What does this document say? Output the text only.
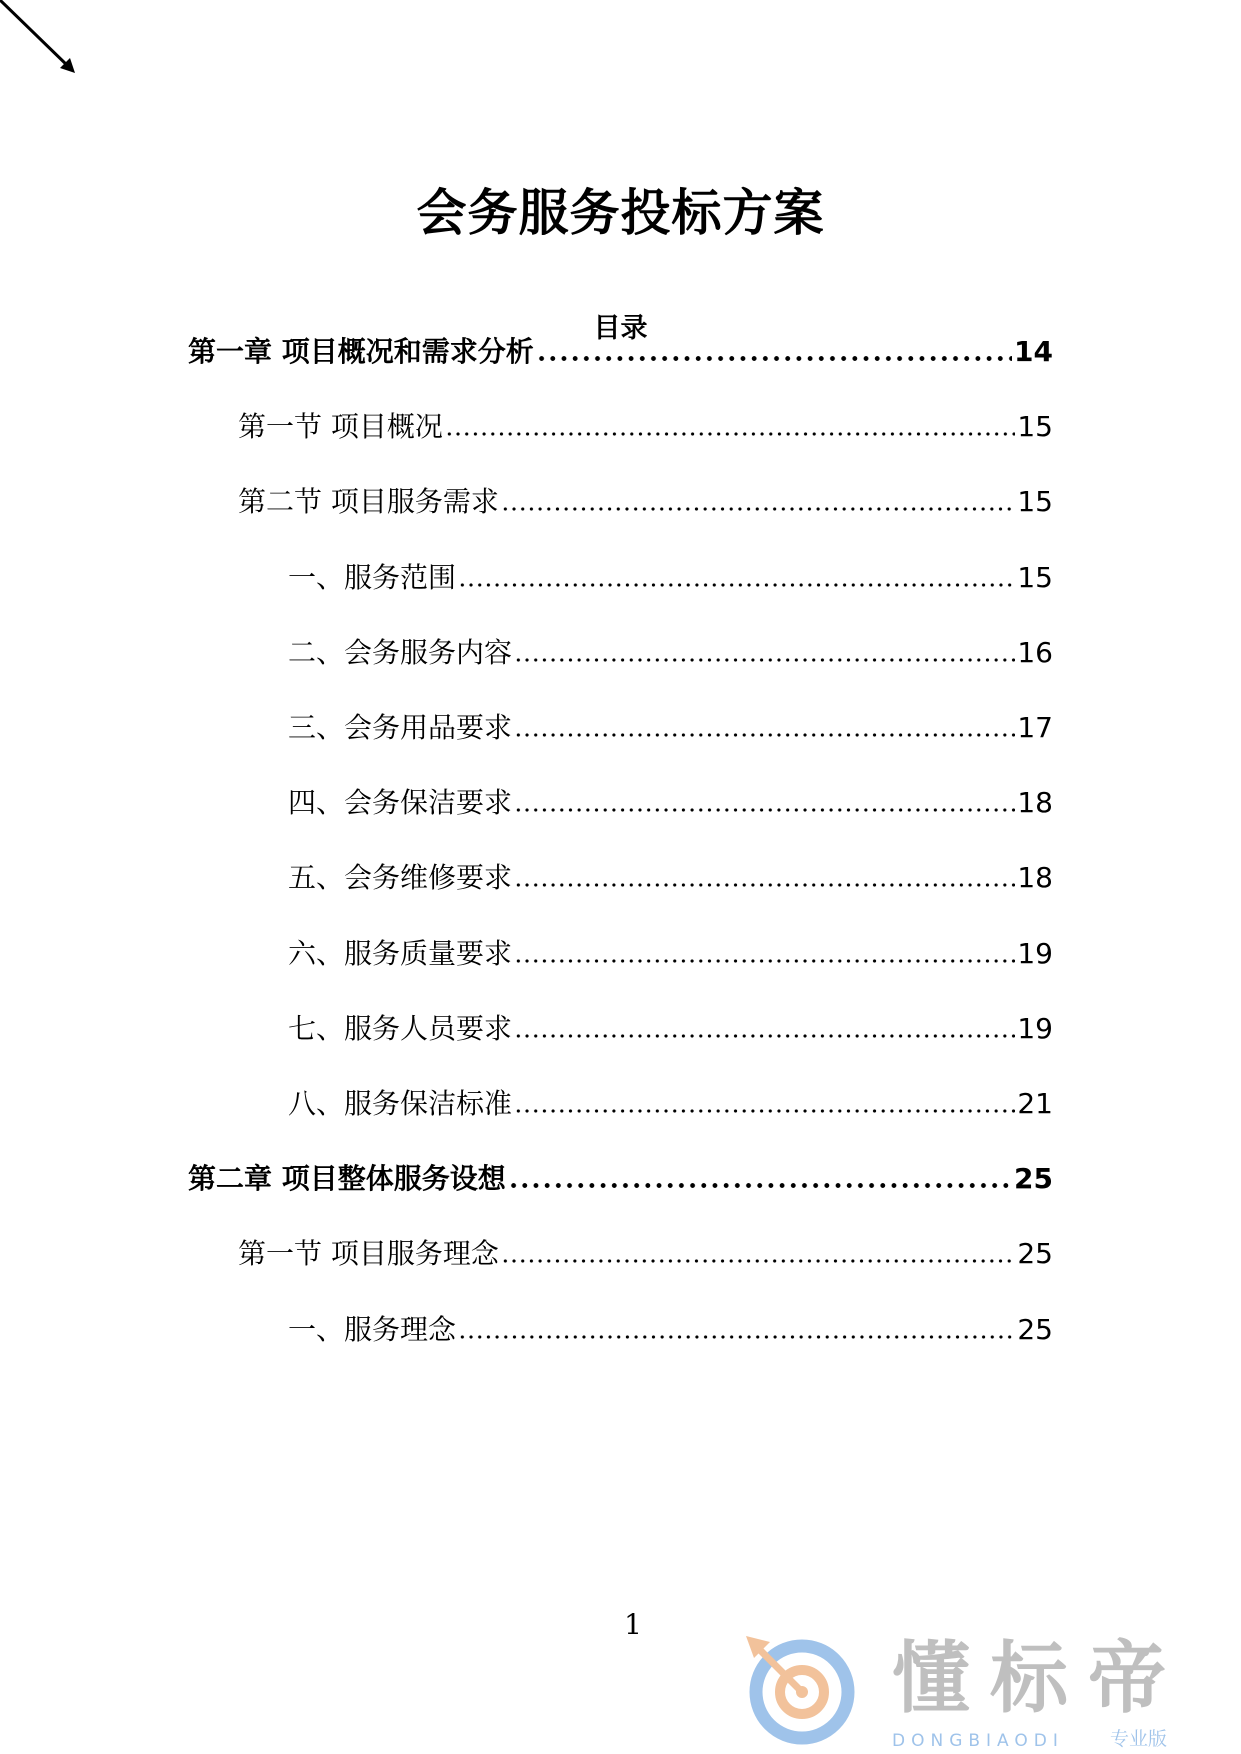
会务服务投标方案
目录
第一章 项目概况和需求分析	14
第一节 项目概况	15
第二节 项目服务需求	15
一、服务范围	15
二、会务服务内容	16
三、会务用品要求	17
四、会务保洁要求	18
五、会务维修要求	18
六、服务质量要求	19
七、服务人员要求	19
八、服务保洁标准	21
第二章 项目整体服务设想	25
第一节 项目服务理念	25
一、服务理念	25
1
懂标帝
DONGBIAODI 专业版
